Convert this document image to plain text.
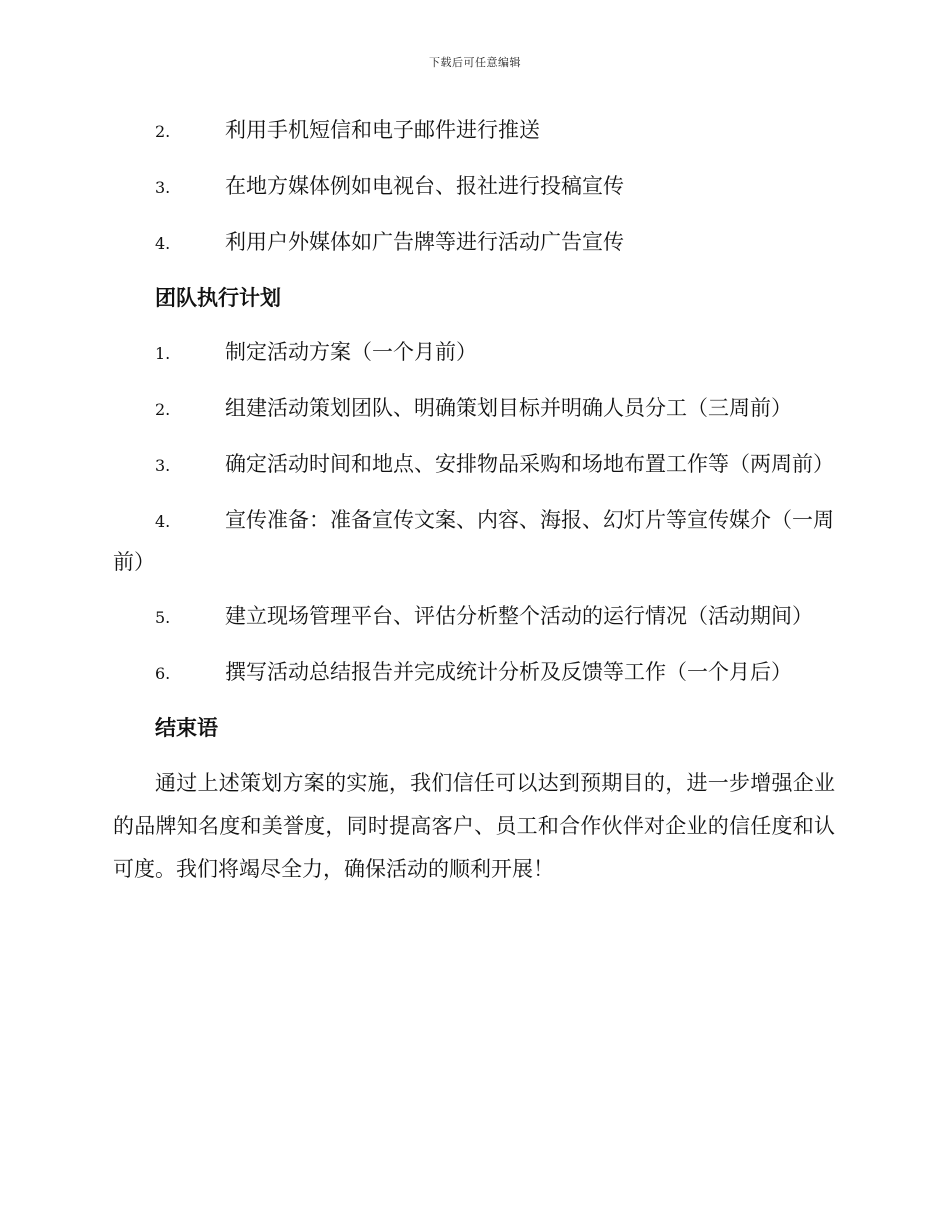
下载后可任意编辑
2.	利用手机短信和电子邮件进行推送
3.	在地方媒体例如电视台、报社进行投稿宣传
4.	利用户外媒体如广告牌等进行活动广告宣传
团队执行计划
1.	制定活动方案（一个月前）
2.	组建活动策划团队、明确策划目标并明确人员分工（三周前）
3.	确定活动时间和地点、安排物品采购和场地布置工作等（两周前）
4.	宣传准备：准备宣传文案、内容、海报、幻灯片等宣传媒介（一周前）
5.	建立现场管理平台、评估分析整个活动的运行情况（活动期间）
6.	撰写活动总结报告并完成统计分析及反馈等工作（一个月后）
结束语
通过上述策划方案的实施，我们信任可以达到预期目的，进一步增强企业的品牌知名度和美誉度，同时提高客户、员工和合作伙伴对企业的信任度和认可度。我们将竭尽全力，确保活动的顺利开展！
